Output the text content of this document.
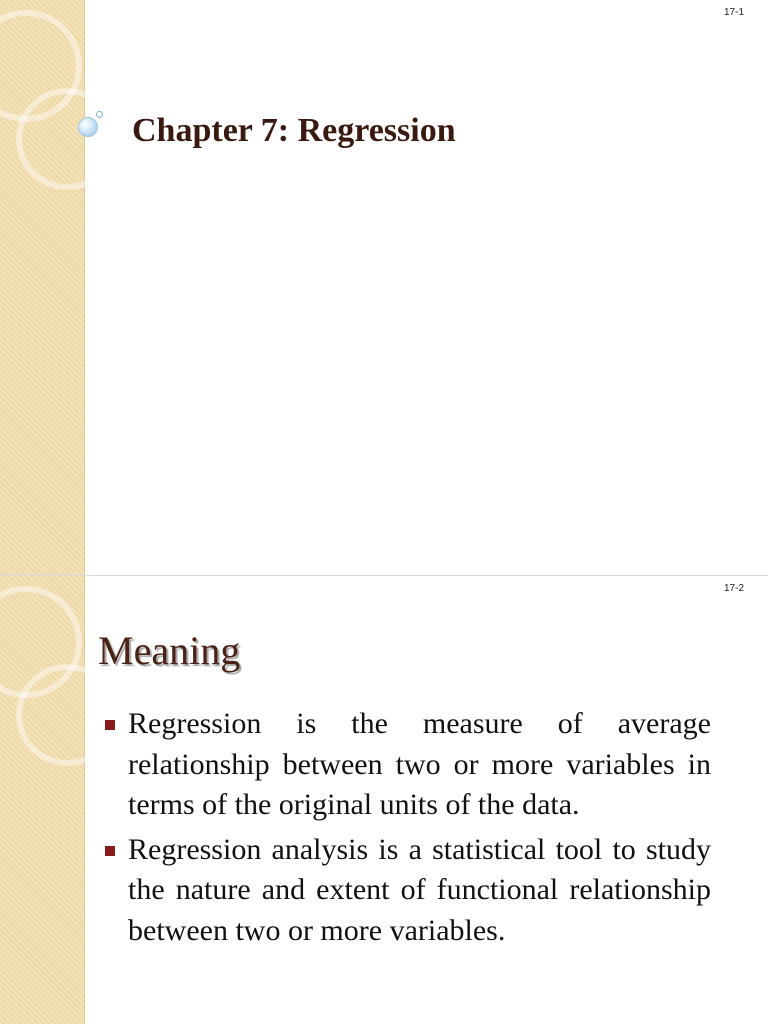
17-1
Chapter 7: Regression
17-2
Meaning
Regression is the measure of average relationship between two or more variables in terms of the original units of the data.
Regression analysis is a statistical tool to study the nature and extent of functional relationship between two or more variables.
